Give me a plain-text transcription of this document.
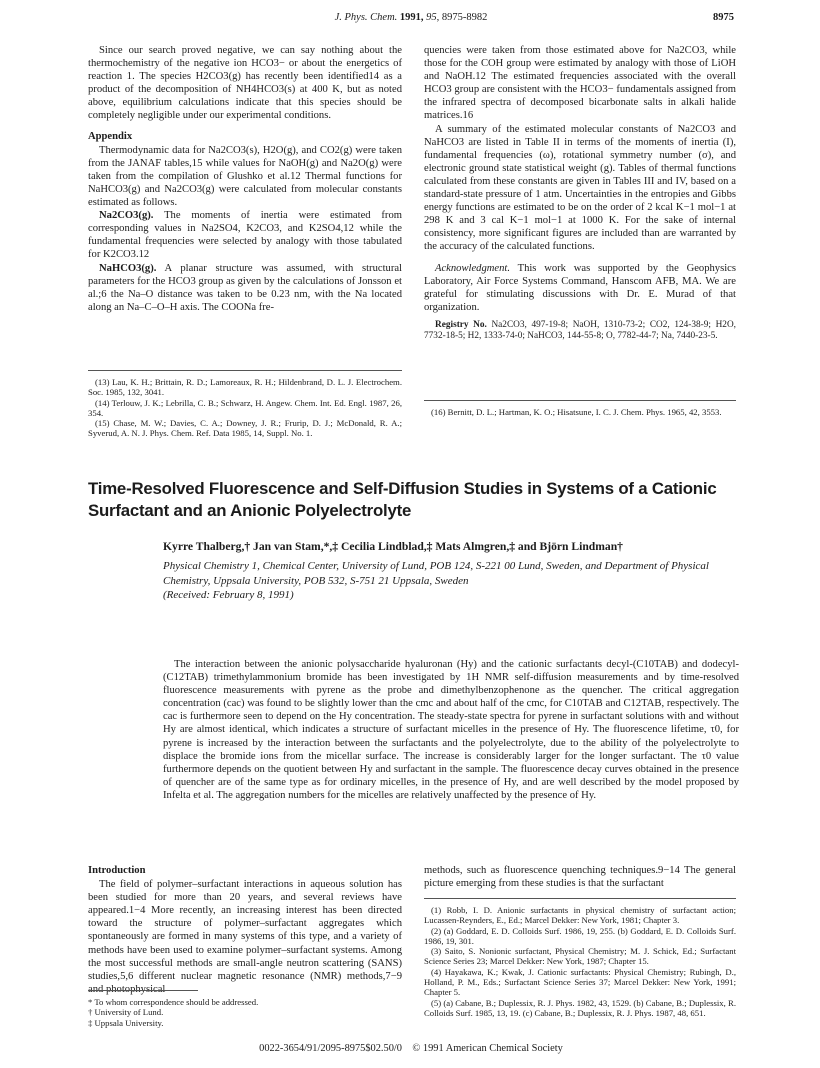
J. Phys. Chem. 1991, 95, 8975-8982	8975

Since our search proved negative, we can say nothing about the thermochemistry of the negative ion HCO3− or about the energetics of reaction 1. The species H2CO3(g) has recently been identified14 as a product of the decomposition of NH4HCO3(s) at 400 K, but as noted above, equilibrium calculations indicate that this species should be completely negligible under our experimental conditions.

Appendix

Thermodynamic data for Na2CO3(s), H2O(g), and CO2(g) were taken from the JANAF tables,15 while values for NaOH(g) and Na2O(g) were taken from the compilation of Glushko et al.12 Thermal functions for NaHCO3(g) and Na2CO3(g) were calculated from molecular constants estimated as follows.

Na2CO3(g). The moments of inertia were estimated from corresponding values in Na2SO4, K2CO3, and K2SO4,12 while the fundamental frequencies were selected by analogy with those tabulated for K2CO3.12

NaHCO3(g). A planar structure was assumed, with structural parameters for the HCO3 group as given by the calculations of Jonsson et al.;6 the Na–O distance was taken to be 0.23 nm, with the Na located along an Na–C–O–H axis. The COONa fre-

(13) Lau, K. H.; Brittain, R. D.; Lamoreaux, R. H.; Hildenbrand, D. L. J. Electrochem. Soc. 1985, 132, 3041.

(14) Terlouw, J. K.; Lebrilla, C. B.; Schwarz, H. Angew. Chem. Int. Ed. Engl. 1987, 26, 354.

(15) Chase, M. W.; Davies, C. A.; Downey, J. R.; Frurip, D. J.; McDonald, R. A.; Syverud, A. N. J. Phys. Chem. Ref. Data 1985, 14, Suppl. No. 1.

quencies were taken from those estimated above for Na2CO3, while those for the COH group were estimated by analogy with those of LiOH and NaOH.12 The estimated frequencies associated with the overall HCO3 group are consistent with the HCO3− fundamentals assigned from the infrared spectra of decomposed bicarbonate salts in alkali halide matrices.16

A summary of the estimated molecular constants of Na2CO3 and NaHCO3 are listed in Table II in terms of the moments of inertia (I), fundamental frequencies (ω), rotational symmetry number (σ), and electronic ground state statistical weight (g). Tables of thermal functions calculated from these constants are given in Tables III and IV, based on a standard-state pressure of 1 atm. Uncertainties in the entropies and Gibbs energy functions are estimated to be on the order of 2 kcal K−1 mol−1 at 298 K and 3 cal K−1 mol−1 at 1000 K. For the sake of internal consistency, more significant figures are included than are warranted by the accuracy of the calculated functions.

Acknowledgment. This work was supported by the Geophysics Laboratory, Air Force Systems Command, Hanscom AFB, MA. We are grateful for stimulating discussions with Dr. E. Murad of that organization.

Registry No. Na2CO3, 497-19-8; NaOH, 1310-73-2; CO2, 124-38-9; H2O, 7732-18-5; H2, 1333-74-0; NaHCO3, 144-55-8; O, 7782-44-7; Na, 7440-23-5.

(16) Bernitt, D. L.; Hartman, K. O.; Hisatsune, I. C. J. Chem. Phys. 1965, 42, 3553.

Time-Resolved Fluorescence and Self-Diffusion Studies in Systems of a Cationic Surfactant and an Anionic Polyelectrolyte
Kyrre Thalberg,† Jan van Stam,*,‡ Cecilia Lindblad,‡ Mats Almgren,‡ and Björn Lindman†
Physical Chemistry 1, Chemical Center, University of Lund, POB 124, S-221 00 Lund, Sweden, and Department of Physical Chemistry, Uppsala University, POB 532, S-751 21 Uppsala, Sweden
(Received: February 8, 1991)

The interaction between the anionic polysaccharide hyaluronan (Hy) and the cationic surfactants decyl-(C10TAB) and dodecyl-(C12TAB) trimethylammonium bromide has been investigated by 1H NMR self-diffusion measurements and by time-resolved fluorescence measurements with pyrene as the probe and dimethylbenzophenone as the quencher. The critical aggregation concentration (cac) was found to be slightly lower than the cmc and about half of the cmc, for C10TAB and C12TAB, respectively. The cac is furthermore seen to depend on the Hy concentration. The steady-state spectra for pyrene in surfactant solutions with and without Hy are almost identical, which indicates a structure of surfactant micelles in the presence of Hy. The fluorescence lifetime, τ0, for pyrene is increased by the interaction between the surfactants and the polyelectrolyte, due to the ability of the polyelectrolyte to displace the bromide ions from the micellar surface. The increase is considerably larger for the longer surfactant. The τ0 value furthermore depends on the quotient between Hy and surfactant in the sample. The fluorescence decay curves obtained in the presence of quencher are of the same type as for ordinary micelles, in the presence of Hy, and are well described by the model proposed by Infelta et al. The aggregation numbers for the micelles are relatively unaffected by the presence of Hy.

Introduction

The field of polymer–surfactant interactions in aqueous solution has been studied for more than 20 years, and several reviews have appeared.1−4 More recently, an increasing interest has been directed toward the structure of polymer–surfactant aggregates which spontaneously are formed in many systems of this type, and a variety of methods have been used to examine polymer–surfactant systems. Among the most successful methods are small-angle neutron scattering (SANS) studies,5,6 different nuclear magnetic resonance (NMR) methods,7−9 and photophysical

* To whom correspondence should be addressed.
† University of Lund.
‡ Uppsala University.

methods, such as fluorescence quenching techniques.9−14 The general picture emerging from these studies is that the surfactant

(1) Robb, I. D. Anionic surfactants in physical chemistry of surfactant action; Lucassen-Reynders, E., Ed.; Marcel Dekker: New York, 1981; Chapter 3.

(2) (a) Goddard, E. D. Colloids Surf. 1986, 19, 255. (b) Goddard, E. D. Colloids Surf. 1986, 19, 301.

(3) Saito, S. Nonionic surfactant, Physical Chemistry; M. J. Schick, Ed.; Surfactant Science Series 23; Marcel Dekker: New York, 1987; Chapter 15.

(4) Hayakawa, K.; Kwak, J. Cationic surfactants: Physical Chemistry; Rubingh, D., Holland, P. M., Eds.; Surfactant Science Series 37; Marcel Dekker: New York, 1991; Chapter 5.

(5) (a) Cabane, B.; Duplessix, R. J. Phys. 1982, 43, 1529. (b) Cabane, B.; Duplessix, R. Colloids Surf. 1985, 13, 19. (c) Cabane, B.; Duplessix, R. J. Phys. 1987, 48, 651.

0022-3654/91/2095-8975$02.50/0 © 1991 American Chemical Society
